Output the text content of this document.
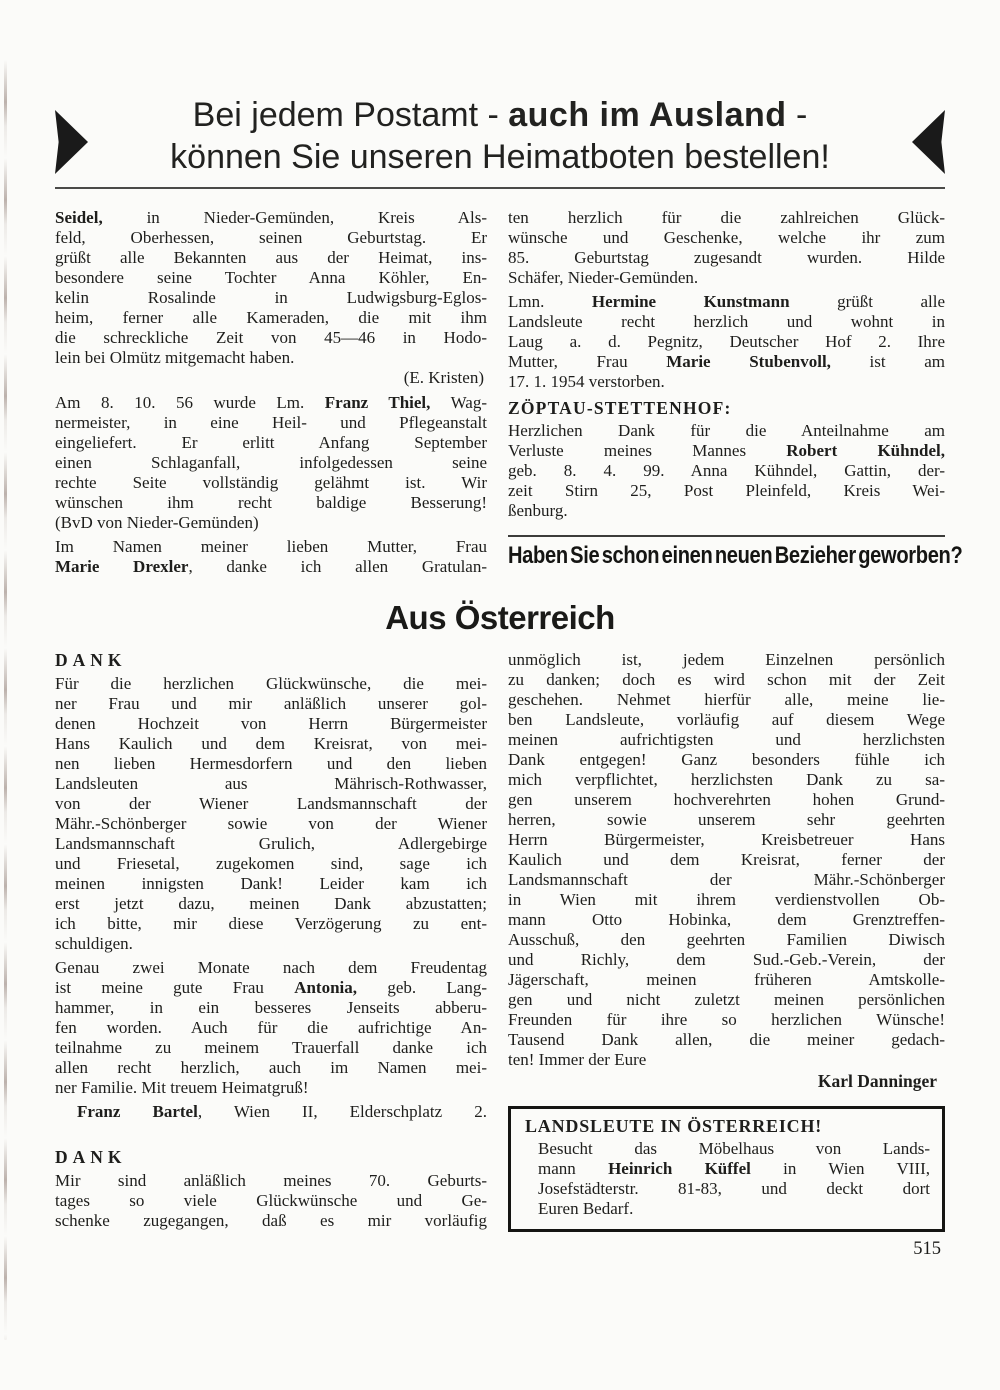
Bei jedem Postamt - auch im Ausland -
können Sie unseren Heimatboten bestellen!
Seidel, in Nieder-Gemünden, Kreis Als-
feld, Oberhessen, seinen Geburtstag. Er
grüßt alle Bekannten aus der Heimat, ins-
besondere seine Tochter Anna Köhler, En-
kelin Rosalinde in Ludwigsburg-Eglos-
heim, ferner alle Kameraden, die mit ihm
die schreckliche Zeit von 45—46 in Hodo-
lein bei Olmütz mitgemacht haben.
(E. Kristen)
Am 8. 10. 56 wurde Lm. Franz Thiel, Wag-
nermeister, in eine Heil- und Pflegeanstalt
eingeliefert. Er erlitt Anfang September
einen Schlaganfall, infolgedessen seine
rechte Seite vollständig gelähmt ist. Wir
wünschen ihm recht baldige Besserung!
(BvD von Nieder-Gemünden)
Im Namen meiner lieben Mutter, Frau
Marie Drexler, danke ich allen Gratulan-
ten herzlich für die zahlreichen Glück-
wünsche und Geschenke, welche ihr zum
85. Geburtstag zugesandt wurden. Hilde
Schäfer, Nieder-Gemünden.
Lmn. Hermine Kunstmann grüßt alle
Landsleute recht herzlich und wohnt in
Laug a. d. Pegnitz, Deutscher Hof 2. Ihre
Mutter, Frau Marie Stubenvoll, ist am
17. 1. 1954 verstorben.
ZÖPTAU-STETTENHOF:
Herzlichen Dank für die Anteilnahme am
Verluste meines Mannes Robert Kühndel,
geb. 8. 4. 99. Anna Kühndel, Gattin, der-
zeit Stirn 25, Post Pleinfeld, Kreis Wei-
ßenburg.
Haben Sie schon einen neuen Bezieher geworben?
Aus Österreich
DANK
Für die herzlichen Glückwünsche, die mei-
ner Frau und mir anläßlich unserer gol-
denen Hochzeit von Herrn Bürgermeister
Hans Kaulich und dem Kreisrat, von mei-
nen lieben Hermesdorfern und den lieben
Landsleuten aus Mährisch-Rothwasser,
von der Wiener Landsmannschaft der
Mähr.-Schönberger sowie von der Wiener
Landsmannschaft Grulich, Adlergebirge
und Friesetal, zugekomen sind, sage ich
meinen innigsten Dank! Leider kam ich
erst jetzt dazu, meinen Dank abzustatten;
ich bitte, mir diese Verzögerung zu ent-
schuldigen.
Genau zwei Monate nach dem Freudentag
ist meine gute Frau Antonia, geb. Lang-
hammer, in ein besseres Jenseits abberu-
fen worden. Auch für die aufrichtige An-
teilnahme zu meinem Trauerfall danke ich
allen recht herzlich, auch im Namen mei-
ner Familie. Mit treuem Heimatgruß!
Franz Bartel, Wien II, Elderschplatz 2.
DANK
Mir sind anläßlich meines 70. Geburts-
tages so viele Glückwünsche und Ge-
schenke zugegangen, daß es mir vorläufig
unmöglich ist, jedem Einzelnen persönlich
zu danken; doch es wird schon mit der Zeit
geschehen. Nehmet hierfür alle, meine lie-
ben Landsleute, vorläufig auf diesem Wege
meinen aufrichtigsten und herzlichsten
Dank entgegen! Ganz besonders fühle ich
mich verpflichtet, herzlichsten Dank zu sa-
gen unserem hochverehrten hohen Grund-
herren, sowie unserem sehr geehrten
Herrn Bürgermeister, Kreisbetreuer Hans
Kaulich und dem Kreisrat, ferner der
Landsmannschaft der Mähr.-Schönberger
in Wien mit ihrem verdienstvollen Ob-
mann Otto Hobinka, dem Grenztreffen-
Ausschuß, den geehrten Familien Diwisch
und Richly, dem Sud.-Geb.-Verein, der
Jägerschaft, meinen früheren Amtskolle-
gen und nicht zuletzt meinen persönlichen
Freunden für ihre so herzlichen Wünsche!
Tausend Dank allen, die meiner gedach-
ten! Immer der Eure
Karl Danninger
LANDSLEUTE IN ÖSTERREICH!
Besucht das Möbelhaus von Lands-
mann Heinrich Küffel in Wien VIII,
Josefstädterstr. 81-83, und deckt dort
Euren Bedarf.
515
